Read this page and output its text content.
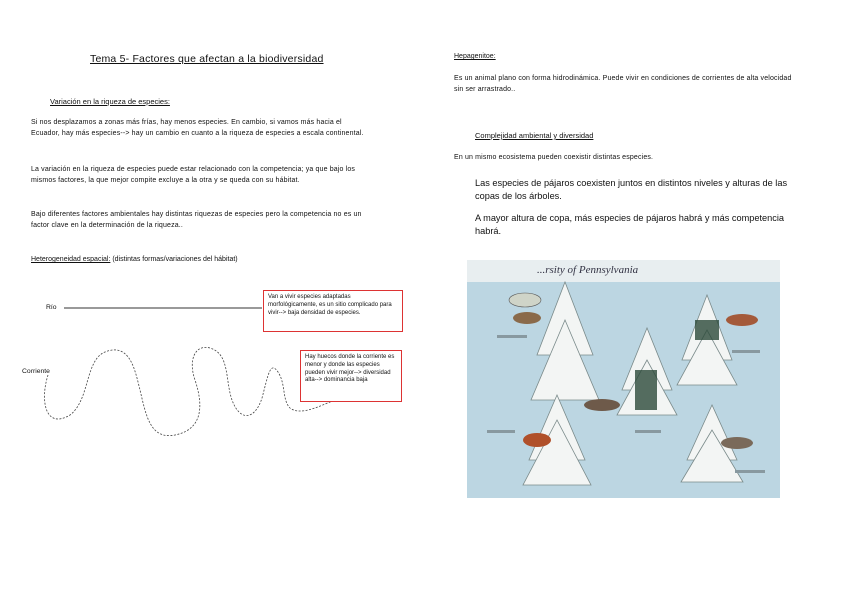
Tema 5- Factores que afectan a la biodiversidad
Variación en la riqueza de especies:
Si nos desplazamos a zonas más frías, hay menos especies. En cambio, si vamos más hacia el Ecuador, hay más especies--> hay un cambio en cuanto a la riqueza de especies a escala continental.
La variación en la riqueza de especies puede estar relacionado con la competencia; ya que bajo los mismos factores, la que mejor compite excluye a la otra y se queda con su hábitat.
Bajo diferentes factores ambientales hay distintas riquezas de especies pero la competencia no es un factor clave en la determinación de la riqueza..
Heterogeneidad espacial: (distintas formas/variaciones del hábitat)
Río
Corriente
Van a vivir especies adaptadas morfológicamente, es un sitio complicado para vivir--> baja densidad de especies.
Hay huecos donde la corriente es menor y donde las especies pueden vivir mejor--> diversidad alta--> dominancia baja
Hepagenitoe:
Es un animal plano con forma hidrodinámica. Puede vivir en condiciones de corrientes de alta velocidad sin ser arrastrado..
Complejidad ambiental y diversidad
En un mismo ecosistema pueden coexistir distintas especies.
Las especies de pájaros coexisten juntos en distintos niveles y alturas de las copas de los árboles.
A mayor altura de copa, más especies de pájaros habrá y más competencia habrá.
...rsity of Pennsylvania
